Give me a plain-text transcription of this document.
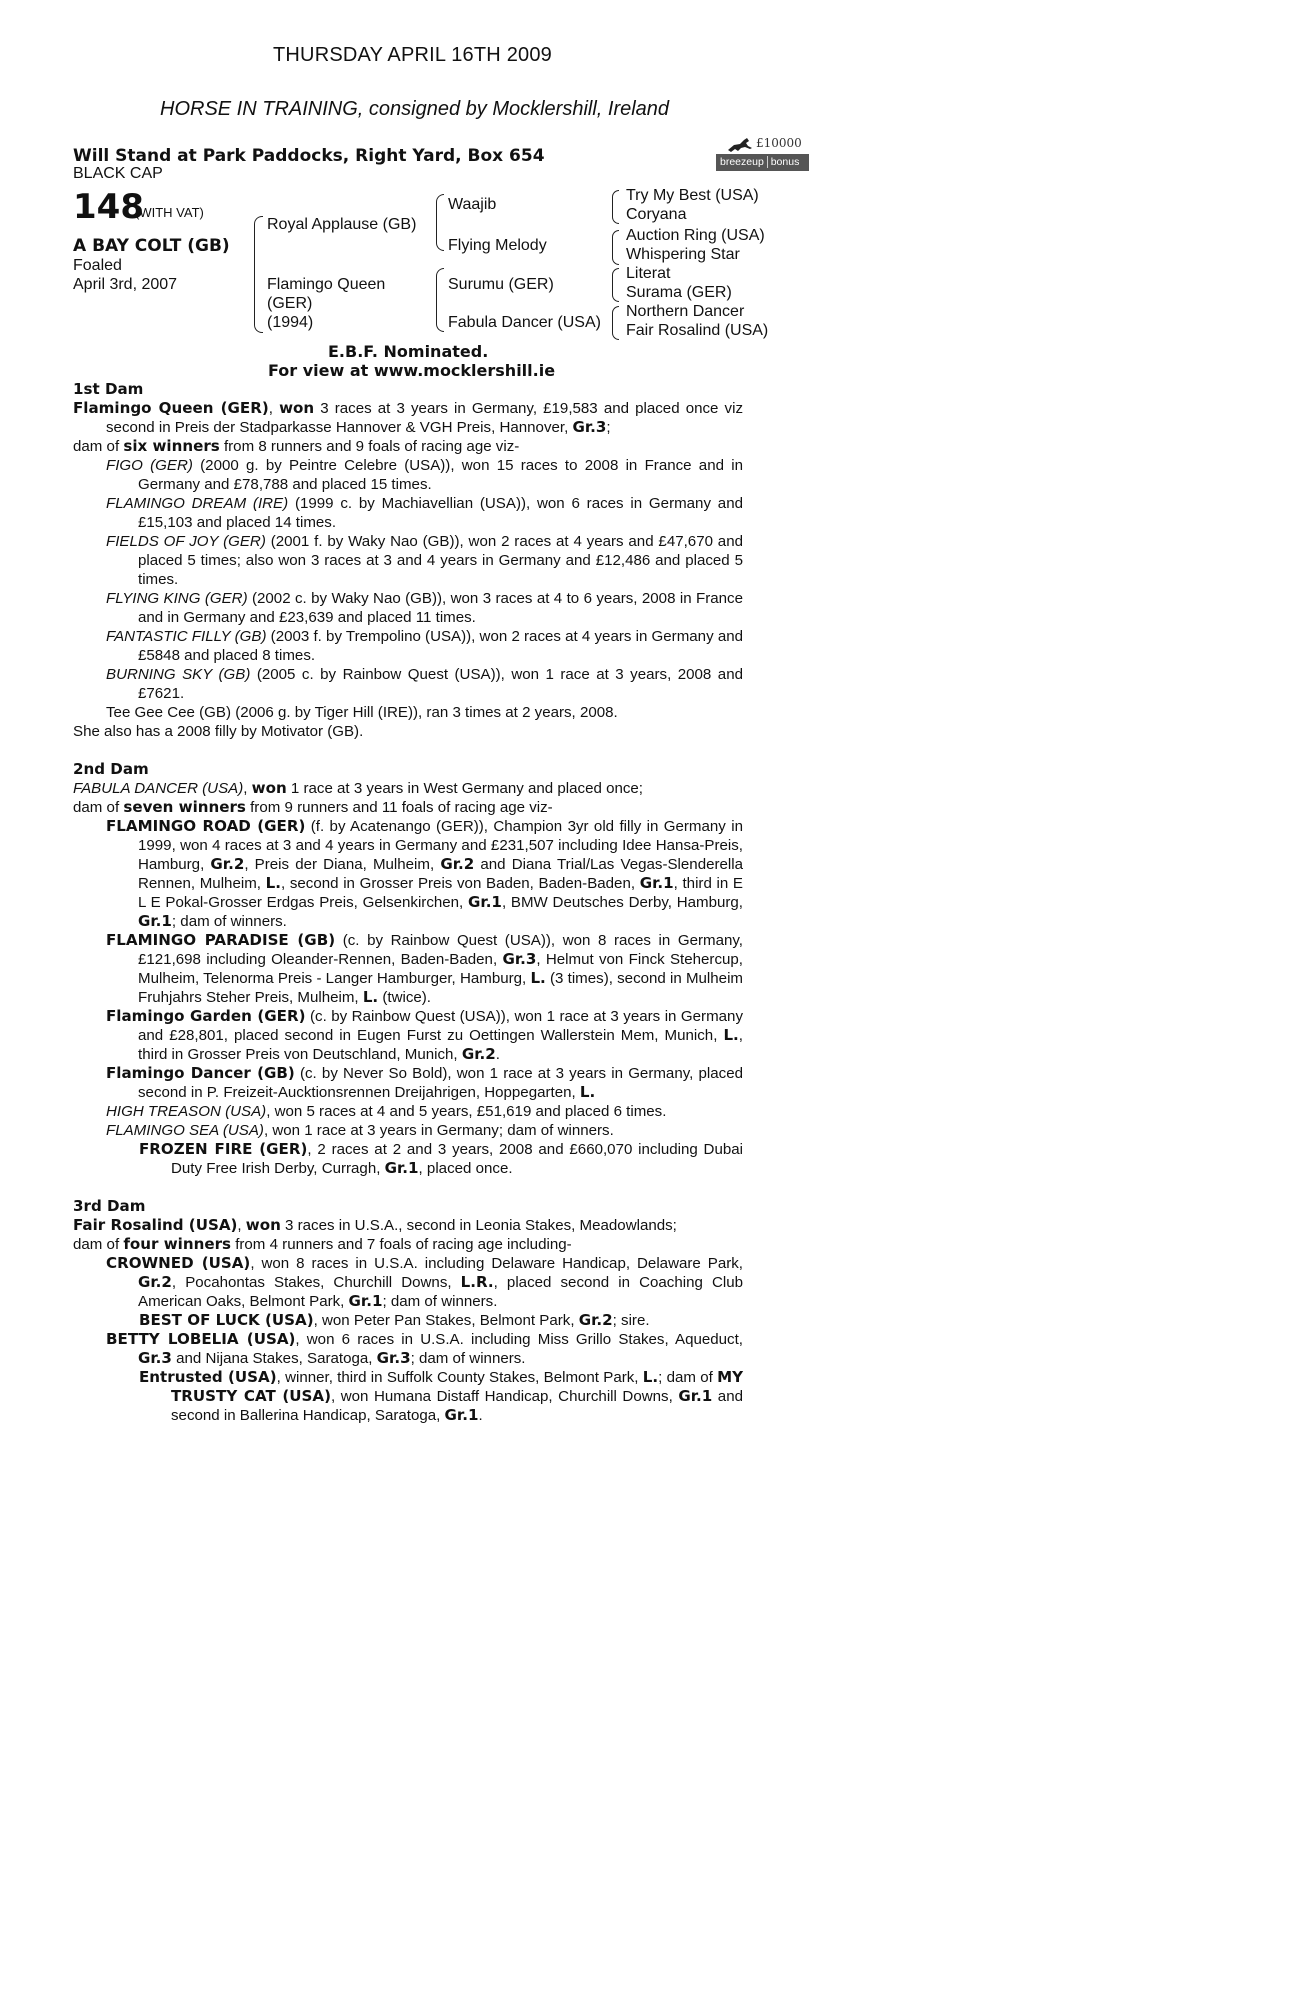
THURSDAY APRIL 16TH 2009
HORSE IN TRAINING, consigned by Mocklershill, Ireland
Will Stand at Park Paddocks, Right Yard, Box 654
BLACK CAP
£10000
breezeup bonus
148
(WITH VAT)
A BAY COLT (GB)
Foaled
April 3rd, 2007
Royal Applause (GB)
Flamingo Queen
(GER)
(1994)
Waajib
Flying Melody
Surumu (GER)
Fabula Dancer (USA)
Try My Best (USA)
Coryana
Auction Ring (USA)
Whispering Star
Literat
Surama (GER)
Northern Dancer
Fair Rosalind (USA)
E.B.F. Nominated.
For view at www.mocklershill.ie

1st Dam

Flamingo Queen (GER), won 3 races at 3 years in Germany, £19,583 and placed once viz second in Preis der Stadparkasse Hannover & VGH Preis, Hannover, Gr.3;

dam of six winners from 8 runners and 9 foals of racing age viz-

FIGO (GER) (2000 g. by Peintre Celebre (USA)), won 15 races to 2008 in France and in Germany and £78,788 and placed 15 times.

FLAMINGO DREAM (IRE) (1999 c. by Machiavellian (USA)), won 6 races in Germany and £15,103 and placed 14 times.

FIELDS OF JOY (GER) (2001 f. by Waky Nao (GB)), won 2 races at 4 years and £47,670 and placed 5 times; also won 3 races at 3 and 4 years in Germany and £12,486 and placed 5 times.

FLYING KING (GER) (2002 c. by Waky Nao (GB)), won 3 races at 4 to 6 years, 2008 in France and in Germany and £23,639 and placed 11 times.

FANTASTIC FILLY (GB) (2003 f. by Trempolino (USA)), won 2 races at 4 years in Germany and £5848 and placed 8 times.

BURNING SKY (GB) (2005 c. by Rainbow Quest (USA)), won 1 race at 3 years, 2008 and £7621.

Tee Gee Cee (GB) (2006 g. by Tiger Hill (IRE)), ran 3 times at 2 years, 2008.

She also has a 2008 filly by Motivator (GB).

2nd Dam

FABULA DANCER (USA), won 1 race at 3 years in West Germany and placed once;

dam of seven winners from 9 runners and 11 foals of racing age viz-

FLAMINGO ROAD (GER) (f. by Acatenango (GER)), Champion 3yr old filly in Germany in 1999, won 4 races at 3 and 4 years in Germany and £231,507 including Idee Hansa-Preis, Hamburg, Gr.2, Preis der Diana, Mulheim, Gr.2 and Diana Trial/Las Vegas-Slenderella Rennen, Mulheim, L., second in Grosser Preis von Baden, Baden-Baden, Gr.1, third in E L E Pokal-Grosser Erdgas Preis, Gelsenkirchen, Gr.1, BMW Deutsches Derby, Hamburg, Gr.1; dam of winners.

FLAMINGO PARADISE (GB) (c. by Rainbow Quest (USA)), won 8 races in Germany, £121,698 including Oleander-Rennen, Baden-Baden, Gr.3, Helmut von Finck Stehercup, Mulheim, Telenorma Preis - Langer Hamburger, Hamburg, L. (3 times), second in Mulheim Fruhjahrs Steher Preis, Mulheim, L. (twice).

Flamingo Garden (GER) (c. by Rainbow Quest (USA)), won 1 race at 3 years in Germany and £28,801, placed second in Eugen Furst zu Oettingen Wallerstein Mem, Munich, L., third in Grosser Preis von Deutschland, Munich, Gr.2.

Flamingo Dancer (GB) (c. by Never So Bold), won 1 race at 3 years in Germany, placed second in P. Freizeit-Aucktionsrennen Dreijahrigen, Hoppegarten, L.

HIGH TREASON (USA), won 5 races at 4 and 5 years, £51,619 and placed 6 times.

FLAMINGO SEA (USA), won 1 race at 3 years in Germany; dam of winners.

FROZEN FIRE (GER), 2 races at 2 and 3 years, 2008 and £660,070 including Dubai Duty Free Irish Derby, Curragh, Gr.1, placed once.

3rd Dam

Fair Rosalind (USA), won 3 races in U.S.A., second in Leonia Stakes, Meadowlands;

dam of four winners from 4 runners and 7 foals of racing age including-

CROWNED (USA), won 8 races in U.S.A. including Delaware Handicap, Delaware Park, Gr.2, Pocahontas Stakes, Churchill Downs, L.R., placed second in Coaching Club American Oaks, Belmont Park, Gr.1; dam of winners.

BEST OF LUCK (USA), won Peter Pan Stakes, Belmont Park, Gr.2; sire.

BETTY LOBELIA (USA), won 6 races in U.S.A. including Miss Grillo Stakes, Aqueduct, Gr.3 and Nijana Stakes, Saratoga, Gr.3; dam of winners.

Entrusted (USA), winner, third in Suffolk County Stakes, Belmont Park, L.; dam of MY TRUSTY CAT (USA), won Humana Distaff Handicap, Churchill Downs, Gr.1 and second in Ballerina Handicap, Saratoga, Gr.1.
